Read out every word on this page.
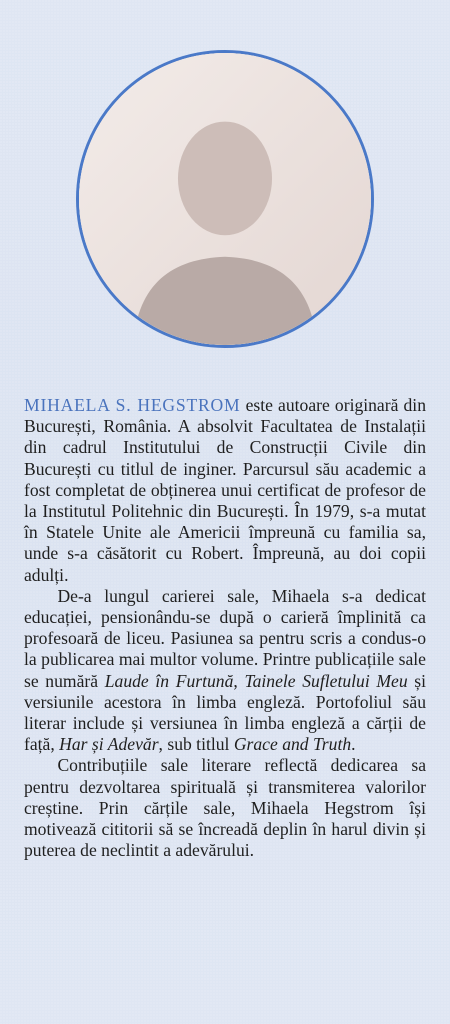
MIHAELA S. HEGSTROM este autoare originară din București, România. A absolvit Facultatea de Instalații din cadrul Institutului de Construcții Civile din București cu titlul de inginer. Parcursul său academic a fost completat de obținerea unui certificat de profesor de la Institutul Politehnic din București. În 1979, s-a mutat în Statele Unite ale Americii împreună cu familia sa, unde s-a căsătorit cu Robert. Împreună, au doi copii adulți.

De-a lungul carierei sale, Mihaela s-a dedicat educației, pensionându-se după o carieră împlinită ca profesoară de liceu. Pasiunea sa pentru scris a condus-o la publicarea mai multor volume. Printre publicațiile sale se numără Laude în Furtună, Tainele Sufletului Meu și versiunile acestora în limba engleză. Portofoliul său literar include și versiunea în limba engleză a cărții de față, Har și Adevăr, sub titlul Grace and Truth.

Contribuțiile sale literare reflectă dedicarea sa pentru dezvoltarea spirituală și transmiterea valorilor creștine. Prin cărțile sale, Mihaela Hegstrom își motivează cititorii să se încreadă deplin în harul divin și puterea de neclintit a adevărului.
